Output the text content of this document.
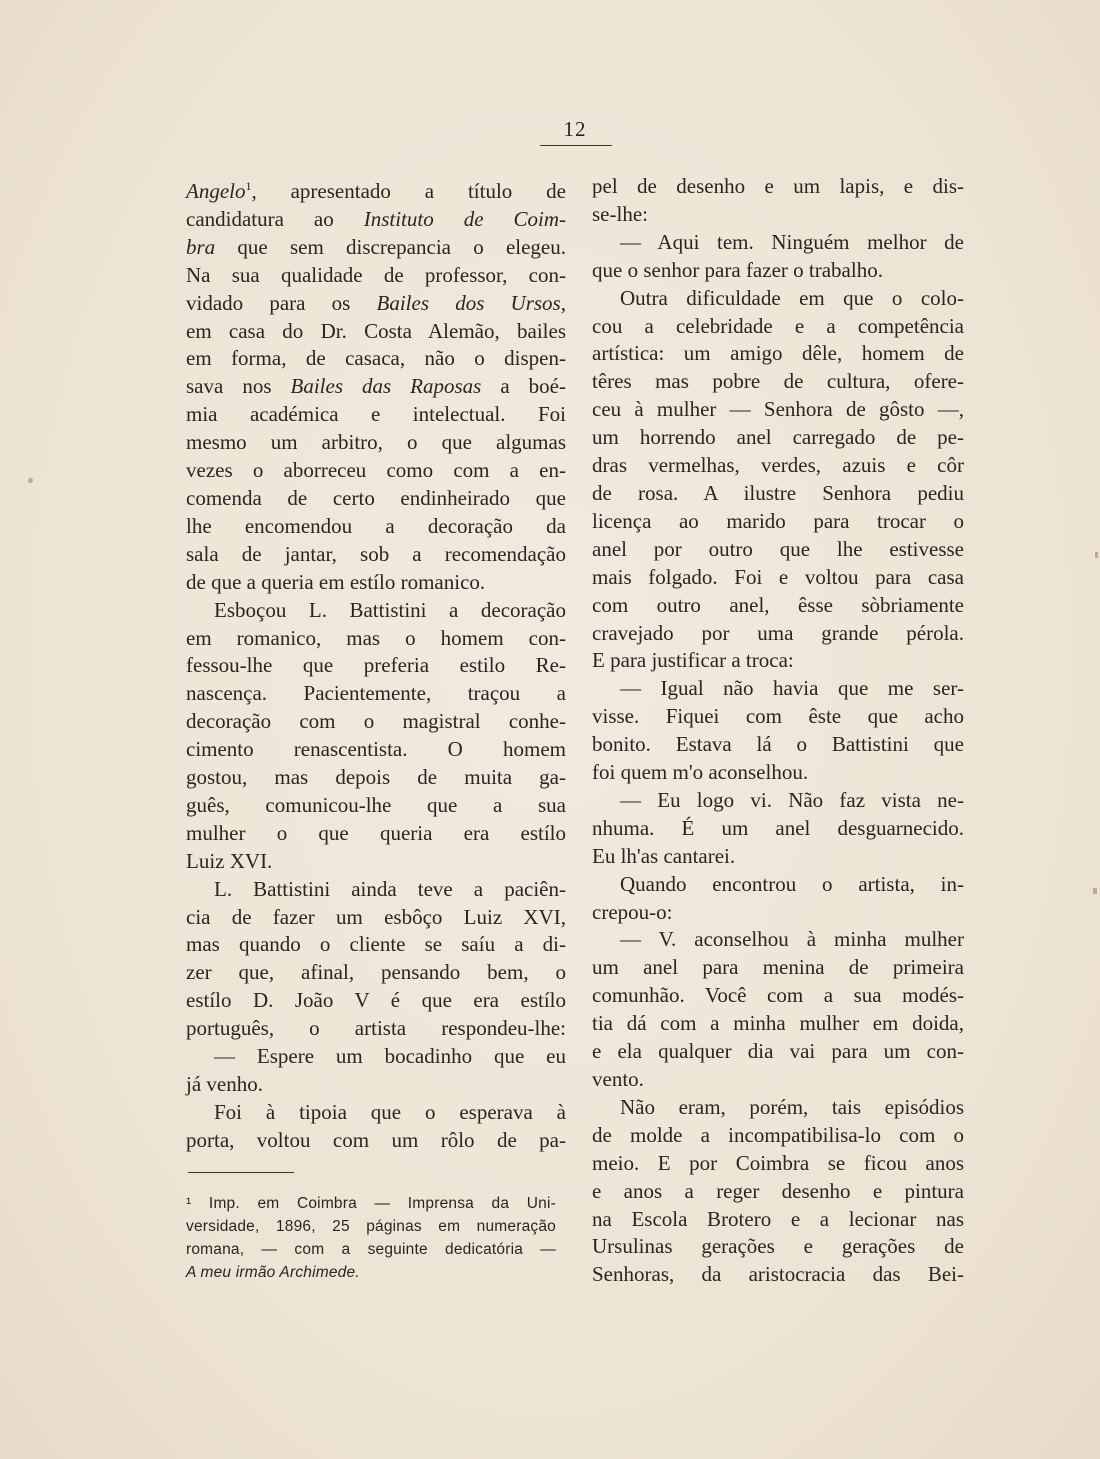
12
Angelo$^1$, apresentado a título de
candidatura ao Instituto de Coim-
bra que sem discrepancia o elegeu.
Na sua qualidade de professor, con-
vidado para os Bailes dos Ursos,
em casa do Dr. Costa Alemão, bailes
em forma, de casaca, não o dispen-
sava nos Bailes das Raposas a boé-
mia académica e intelectual. Foi
mesmo um arbitro, o que algumas
vezes o aborreceu como com a en-
comenda de certo endinheirado que
lhe encomendou a decoração da
sala de jantar, sob a recomendação
de que a queria em estílo romanico.
Esboçou L. Battistini a decoração
em romanico, mas o homem con-
fessou-lhe que preferia estilo Re-
nascença. Pacientemente, traçou a
decoração com o magistral conhe-
cimento renascentista. O homem
gostou, mas depois de muita ga-
guês, comunicou-lhe que a sua
mulher o que queria era estílo
Luiz XVI.
L. Battistini ainda teve a paciên-
cia de fazer um esbôço Luiz XVI,
mas quando o cliente se saíu a di-
zer que, afinal, pensando bem, o
estílo D. João V é que era estílo
português, o artista respondeu-lhe:
— Espere um bocadinho que eu
já venho.
Foi à tipoia que o esperava à
porta, voltou com um rôlo de pa-
pel de desenho e um lapis, e dis-
se-lhe:
— Aqui tem. Ninguém melhor de
que o senhor para fazer o trabalho.
Outra dificuldade em que o colo-
cou a celebridade e a competência
artística: um amigo dêle, homem de
têres mas pobre de cultura, ofere-
ceu à mulher — Senhora de gôsto —,
um horrendo anel carregado de pe-
dras vermelhas, verdes, azuis e côr
de rosa. A ilustre Senhora pediu
licença ao marido para trocar o
anel por outro que lhe estivesse
mais folgado. Foi e voltou para casa
com outro anel, êsse sòbriamente
cravejado por uma grande pérola.
E para justificar a troca:
— Igual não havia que me ser-
visse. Fiquei com êste que acho
bonito. Estava lá o Battistini que
foi quem m'o aconselhou.
— Eu logo vi. Não faz vista ne-
nhuma. É um anel desguarnecido.
Eu lh'as cantarei.
Quando encontrou o artista, in-
crepou-o:
— V. aconselhou à minha mulher
um anel para menina de primeira
comunhão. Você com a sua modés-
tia dá com a minha mulher em doida,
e ela qualquer dia vai para um con-
vento.
Não eram, porém, tais episódios
de molde a incompatibilisa-lo com o
meio. E por Coimbra se ficou anos
e anos a reger desenho e pintura
na Escola Brotero e a lecionar nas
Ursulinas gerações e gerações de
Senhoras, da aristocracia das Bei-
¹ Imp. em Coimbra — Imprensa da Uni-
versidade, 1896, 25 páginas em numeração
romana, — com a seguinte dedicatória —
A meu irmão Archimede.
